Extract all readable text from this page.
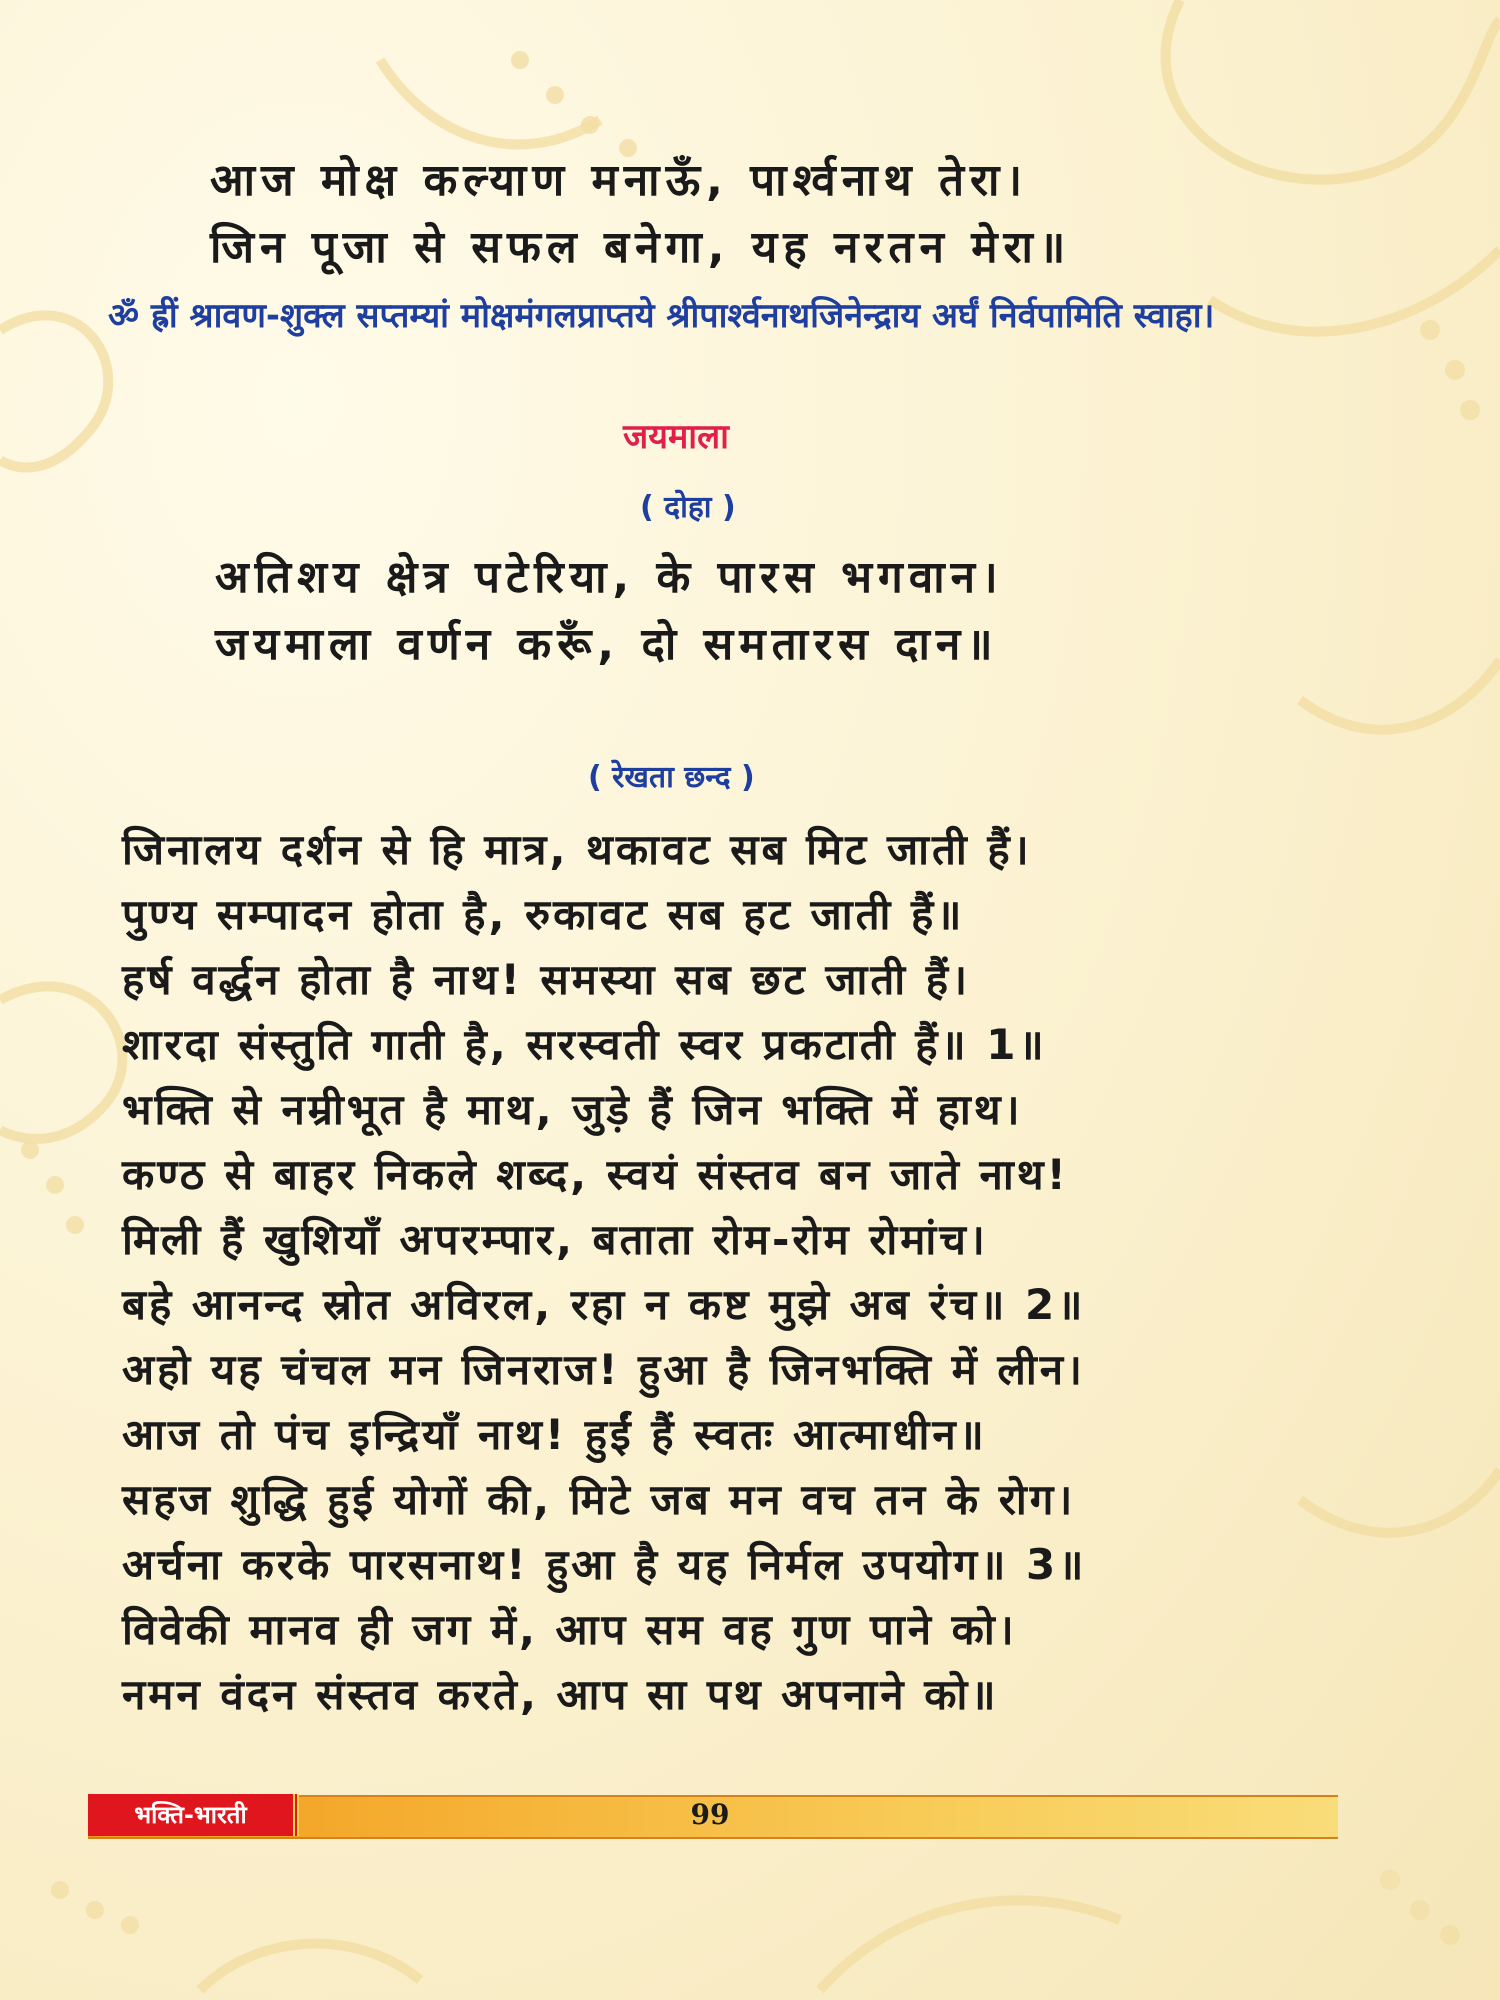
आज मोक्ष कल्याण मनाऊँ, पार्श्वनाथ तेरा।
जिन पूजा से सफल बनेगा, यह नरतन मेरा॥
ॐ ह्रीं श्रावण-शुक्ल सप्तम्यां मोक्षमंगलप्राप्तये श्रीपार्श्वनाथजिनेन्द्राय अर्घं निर्वपामिति स्वाहा।
जयमाला
( दोहा )
अतिशय क्षेत्र पटेरिया, के पारस भगवान।
जयमाला वर्णन करूँ, दो समतारस दान॥
( रेखता छन्द )
जिनालय दर्शन से हि मात्र, थकावट सब मिट जाती हैं।
पुण्य सम्पादन होता है, रुकावट सब हट जाती हैं॥
हर्ष वर्द्धन होता है नाथ! समस्या सब छट जाती हैं।
शारदा संस्तुति गाती है, सरस्वती स्वर प्रकटाती हैं॥ 1॥
भक्ति से नम्रीभूत है माथ, जुड़े हैं जिन भक्ति में हाथ।
कण्ठ से बाहर निकले शब्द, स्वयं संस्तव बन जाते नाथ!
मिली हैं खुशियाँ अपरम्पार, बताता रोम-रोम रोमांच।
बहे आनन्द स्रोत अविरल, रहा न कष्ट मुझे अब रंच॥ 2॥
अहो यह चंचल मन जिनराज! हुआ है जिनभक्ति में लीन।
आज तो पंच इन्द्रियाँ नाथ! हुईं हैं स्वतः आत्माधीन॥
सहज शुद्धि हुई योगों की, मिटे जब मन वच तन के रोग।
अर्चना करके पारसनाथ! हुआ है यह निर्मल उपयोग॥ 3॥
विवेकी मानव ही जग में, आप सम वह गुण पाने को।
नमन वंदन संस्तव करते, आप सा पथ अपनाने को॥
भक्ति-भारती	99
